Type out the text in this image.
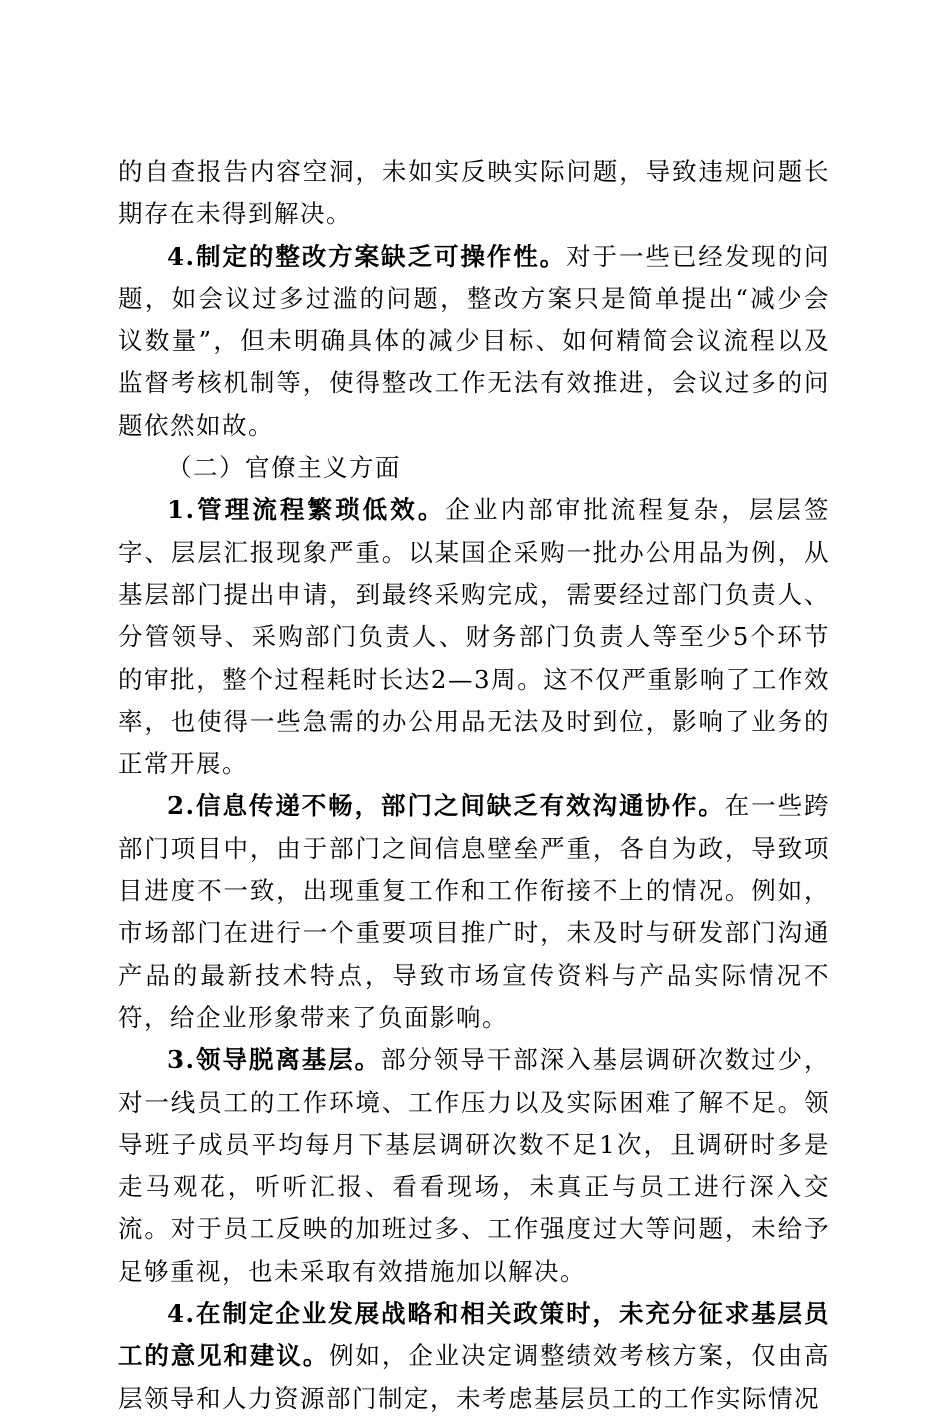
的自查报告内容空洞，未如实反映实际问题，导致违规问题长期存在未得到解决。

4.制定的整改方案缺乏可操作性。对于一些已经发现的问题，如会议过多过滥的问题，整改方案只是简单提出“减少会议数量”，但未明确具体的减少目标、如何精简会议流程以及监督考核机制等，使得整改工作无法有效推进，会议过多的问题依然如故。

（二）官僚主义方面

1.管理流程繁琐低效。企业内部审批流程复杂，层层签字、层层汇报现象严重。以某国企采购一批办公用品为例，从基层部门提出申请，到最终采购完成，需要经过部门负责人、分管领导、采购部门负责人、财务部门负责人等至少5个环节的审批，整个过程耗时长达2—3周。这不仅严重影响了工作效率，也使得一些急需的办公用品无法及时到位，影响了业务的正常开展。

2.信息传递不畅，部门之间缺乏有效沟通协作。在一些跨部门项目中，由于部门之间信息壁垒严重，各自为政，导致项目进度不一致，出现重复工作和工作衔接不上的情况。例如，市场部门在进行一个重要项目推广时，未及时与研发部门沟通产品的最新技术特点，导致市场宣传资料与产品实际情况不符，给企业形象带来了负面影响。

3.领导脱离基层。部分领导干部深入基层调研次数过少，对一线员工的工作环境、工作压力以及实际困难了解不足。领导班子成员平均每月下基层调研次数不足1次，且调研时多是走马观花，听听汇报、看看现场，未真正与员工进行深入交流。对于员工反映的加班过多、工作强度过大等问题，未给予足够重视，也未采取有效措施加以解决。

4.在制定企业发展战略和相关政策时，未充分征求基层员工的意见和建议。例如，企业决定调整绩效考核方案，仅由高层领导和人力资源部门制定，未考虑基层员工的工作实际情况
